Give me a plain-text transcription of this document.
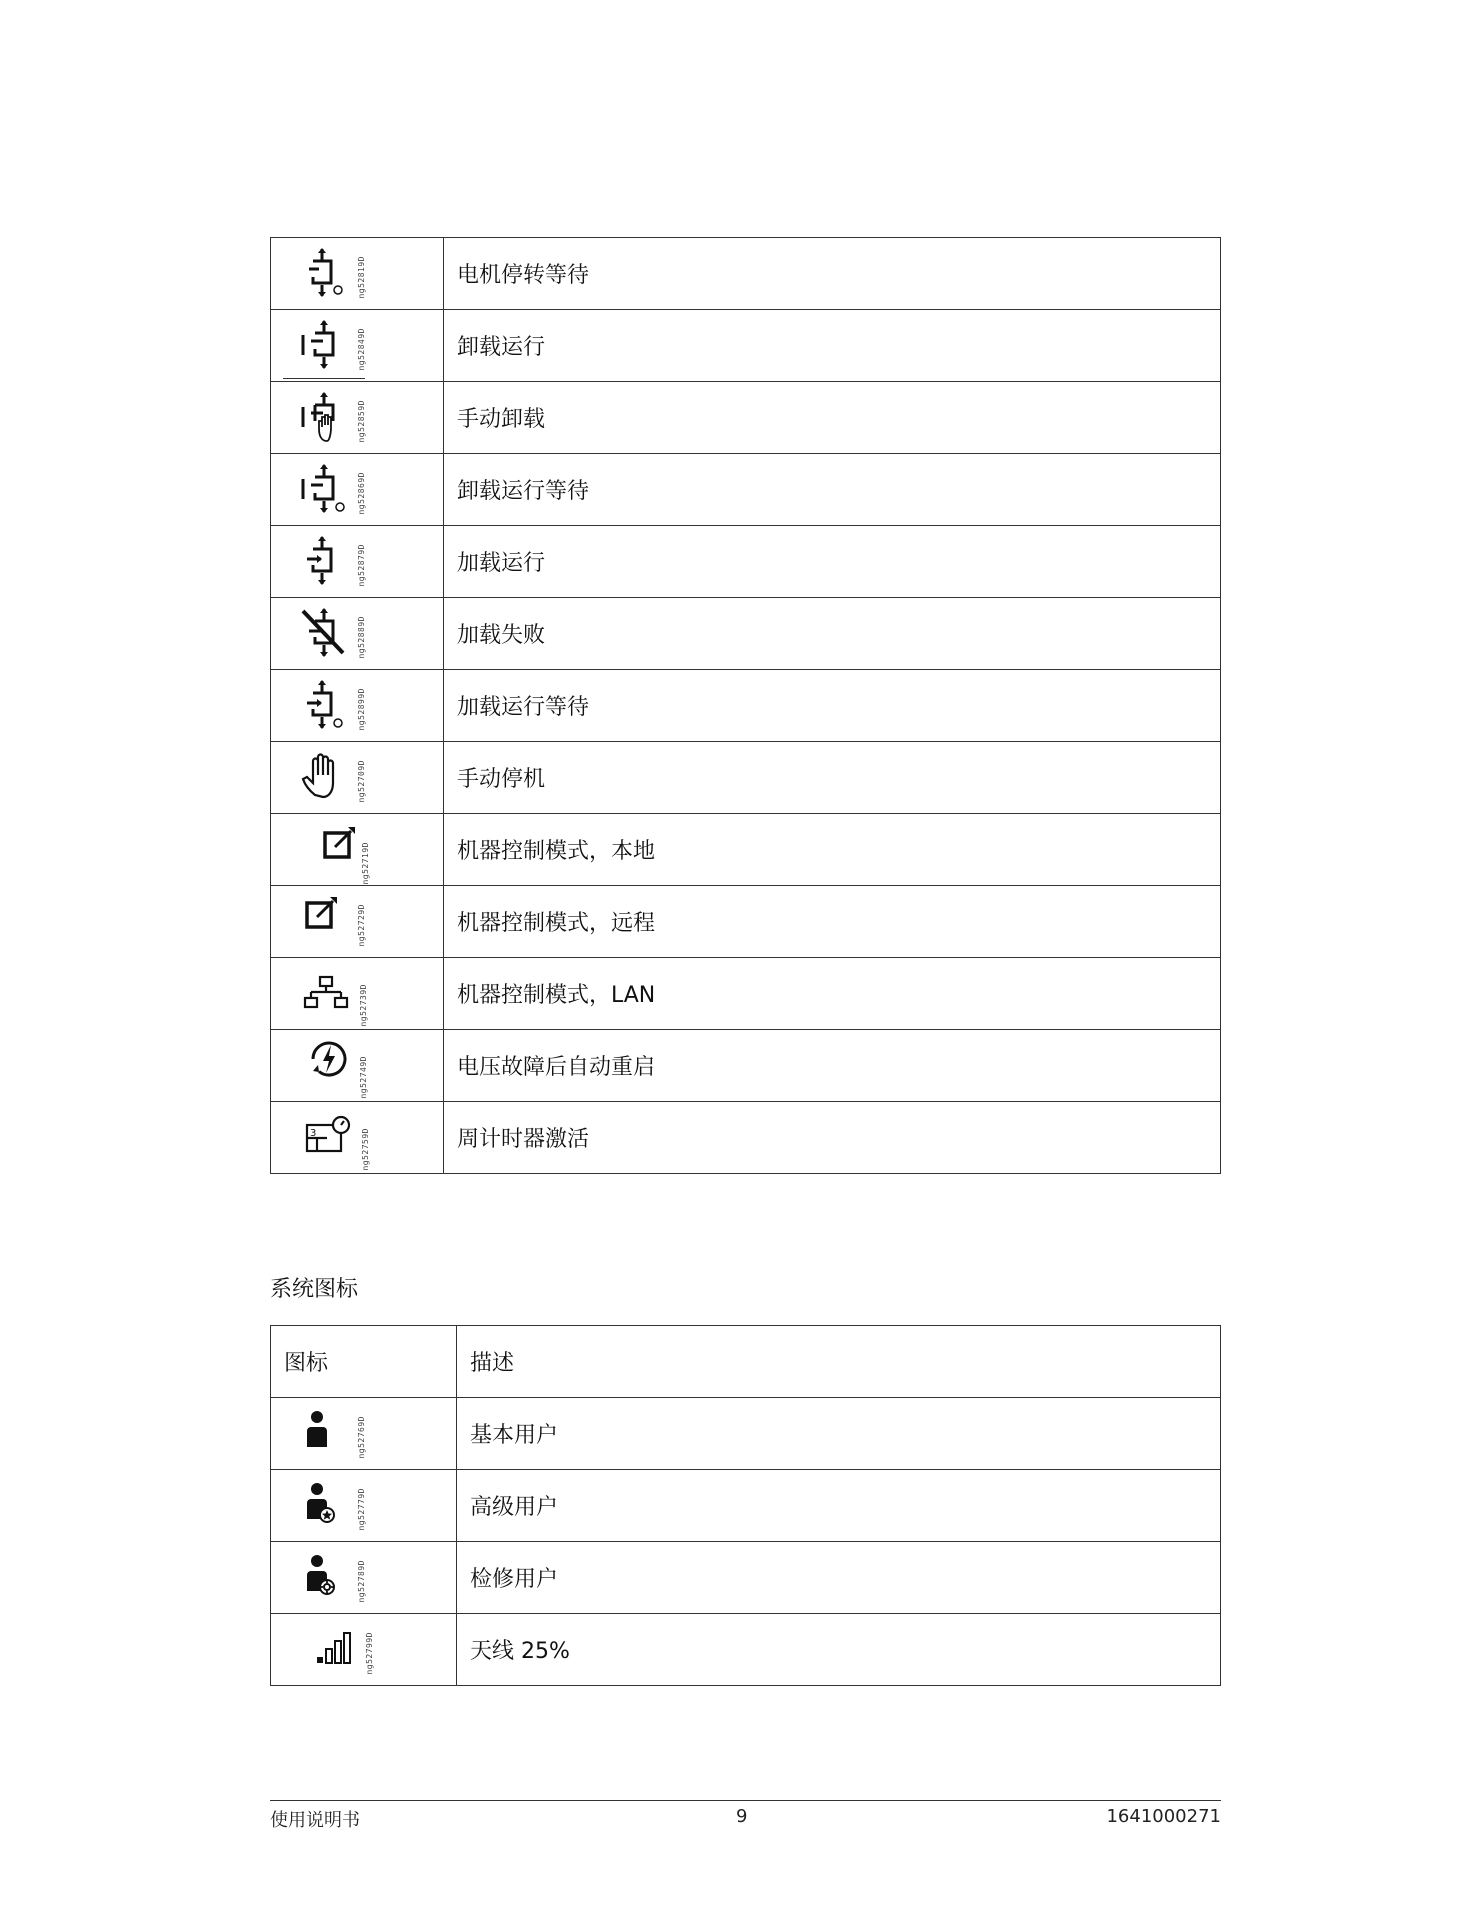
ng52819D	电机停转等待

ng52849D	卸载运行

ng52859D	手动卸载

ng52869D	卸载运行等待

ng52879D	加载运行

ng52889D	加载失败

ng52899D	加载运行等待

ng52709D	手动停机

ng52719D	机器控制模式，本地

ng52729D	机器控制模式，远程

ng52739D	机器控制模式，LAN

ng52749D	电压故障后自动重启

3 ng52759D	周计时器激活
系统图标
图标	描述

ng52769D	基本用户

ng52779D	高级用户

ng52789D	检修用户

ng52799D	天线 25%
使用说明书	9	1641000271
